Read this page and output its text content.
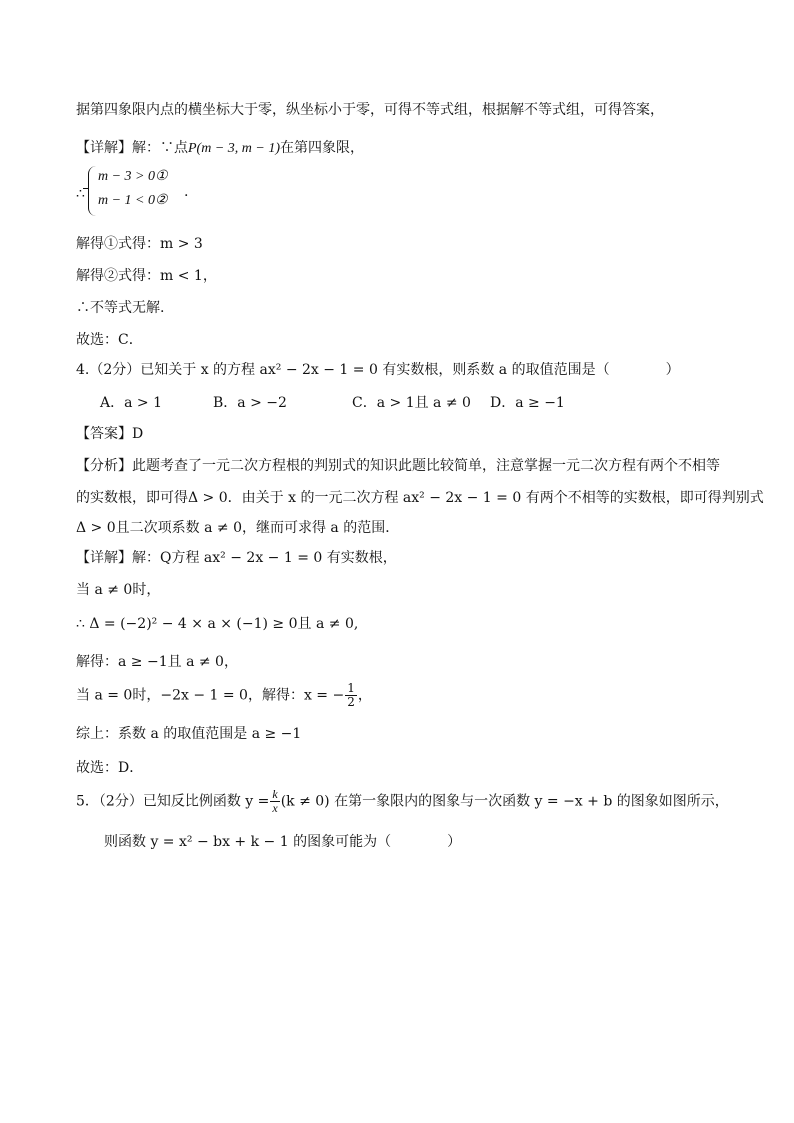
据第四象限内点的横坐标大于零，纵坐标小于零，可得不等式组，根据解不等式组，可得答案，
【详解】解：∵点P(m − 3, m − 1)在第四象限，
∴
m − 3 > 0①
m − 1 < 0②
.
解得①式得：m > 3
解得②式得：m < 1，
∴不等式无解.
故选：C．
4.（2分）已知关于 x 的方程 ax² − 2x − 1 = 0 有实数根，则系数 a 的取值范围是（　　　　）
A．a > 1	B．a > −2	C．a > 1且 a ≠ 0 D．a ≥ −1
【答案】D
【分析】此题考查了一元二次方程根的判别式的知识此题比较简单，注意掌握一元二次方程有两个不相等
的实数根，即可得Δ > 0．由关于 x 的一元二次方程 ax² − 2x − 1 = 0 有两个不相等的实数根，即可得判别式
Δ > 0且二次项系数 a ≠ 0，继而可求得 a 的范围．
【详解】解：Q方程 ax² − 2x − 1 = 0 有实数根，
当 a ≠ 0时，
∴ Δ = (−2)² − 4 × a × (−1) ≥ 0且 a ≠ 0,
解得：a ≥ −1且 a ≠ 0，
当 a = 0时，−2x − 1 = 0，解得：x = − $\frac{1}{2}$ ，
综上：系数 a 的取值范围是 a ≥ −1
故选：D．
5．（2分）已知反比例函数 $y = \frac{k}{x} (k \ne 0)$ 在第一象限内的图象与一次函数 y = −x + b 的图象如图所示，
则函数 y = x² − bx + k − 1 的图象可能为（　　　　）
